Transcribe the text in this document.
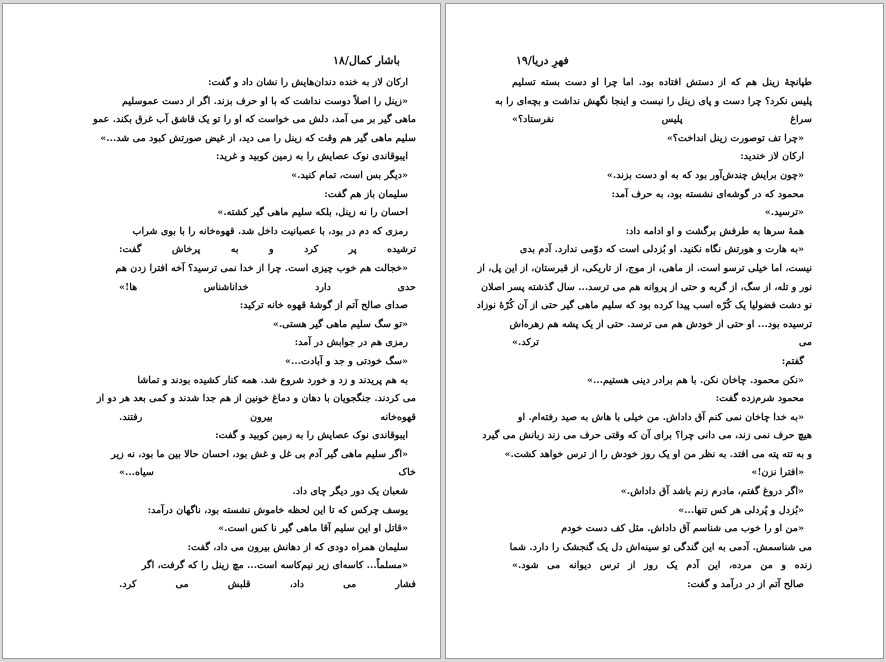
باشار کمال/۱۸
ارکان لاز به خنده دندان‌هایش را نشان داد و گفت:
«زینل را اصلاً دوست نداشت که با او حرف بزند. اگر از دست عموسلیم
ماهی گیر بر می آمد، دلش می خواست که او را تو یک قاشق آب غرق بکند. عمو
سلیم ماهی گیر هم وقت که زینل را می دید، از غیض صورتش کبود می شد...»
ایبوقاندی نوک عصایش را به زمین کوبید و غرید:
«دیگر بس است، تمام کنید.»
سلیمان باز هم گفت:
احسان را نه زینل، بلکه سلیم ماهی گیر کشته.»
رمزی که دم در بود، با عصبانیت داخل شد. قهوه‌خانه را با بوی شراب
ترشیده پر کرد و به پرخاش گفت:
«خجالت هم خوب چیزی است. چرا از خدا نمی ترسید؟ آخه افترا زدن هم
حدی دارد خداناشناس ها!»
صدای صالح آتم از گوشهٔ قهوه خانه ترکید:
«تو سگ سلیم ماهی گیر هستی.»
رمزی هم در جوابش در آمد:
«سگ خودتی و جد و آبادت...»
به هم پریدند و زد و خورد شروع شد. همه کنار کشیده بودند و تماشا
می کردند. جنگجویان با دهان و دماغ خونین از هم جدا شدند و کمی بعد هر دو از
قهوه‌خانه بیرون رفتند.
ایبوقاندی نوک عصایش را به زمین کوبید و گفت:
«اگر سلیم ماهی گیر آدم بی غل و غش بود، احسان حالا بین ما بود، نه زیر
خاک سیاه...»
شعبان یک دور دیگر چای داد.
یوسف چرکس که تا این لحظه خاموش نشسته بود، ناگهان درآمد:
«قاتل او این سلیم آقا ماهی گیر نا کس است.»
سلیمان همراه دودی که از دهانش بیرون می داد، گفت:
«مسلماً... کاسه‌ای زیر نیم‌کاسه است... مچ زینل را که گرفت، اگر
فشار می داد، قلبش می کرد.
فهرِ دریا/۱۹
طپانچهٔ زینل هم که از دستش افتاده بود. اما چرا او دست بسته تسلیم
پلیس نکرد؟ چرا دست و پای زینل را نبست و اینجا نگهش نداشت و بچه‌ای را به
سراغ پلیس نفرستاد؟»
«چرا تف توصورت زینل انداخت؟»
ارکان لاز خندید:
«چون برایش چندش‌آور بود که به او دست بزند.»
محمود که در گوشه‌ای نشسته بود، به حرف آمد:
«ترسید.»
همهٔ سرها به طرفش برگشت و او ادامه داد:
«به هارت و هورتش نگاه نکنید. او بُزدلی است که دوّمی ندارد. آدم بدی
نیست، اما خیلی ترسو است. از ماهی، از موج، از تاریکی، از قبرستان، از این پل، از
نور و تله، از سگ، از گربه و حتی از پروانه هم می ترسد... سال گذشته پسر اصلان
نو دشت فضولیا یک کُرّه اسب پیدا کرده بود که سلیم ماهی گیر حتی از آن کُرّهٔ نوزاد
ترسیده بود... او حتی از خودش هم می ترسد. حتی از یک پشه هم زهره‌اش
می ترکد.»
گفتم:
«نکن محمود. چاخان نکن. با هم برادر دینی هستیم...»
محمود شرم‌زده گفت:
«به خدا چاخان نمی کنم آق داداش. من خیلی با هاش به صید رفته‌ام. او
هیچ حرف نمی زند، می دانی چرا؟ برای آن که وقتی حرف می زند زبانش می گیرد
و به تته پته می افتد. به نظر من او یک روز خودش را از ترس خواهد کشت.»
«افترا نزن!»
«اگر دروغ گفتم، مادرم زنم باشد آق داداش.»
«بُزدل و پُردلی هر کس تنها...»
«من او را خوب می شناسم آق داداش. مثل کف دست خودم
می شناسمش. آدمی به این گندگی تو سینه‌اش دل یک گنجشک را دارد. شما
زنده و من مرده، این آدم یک روز از ترس دیوانه می شود.»
صالح آتم از در درآمد و گفت:
